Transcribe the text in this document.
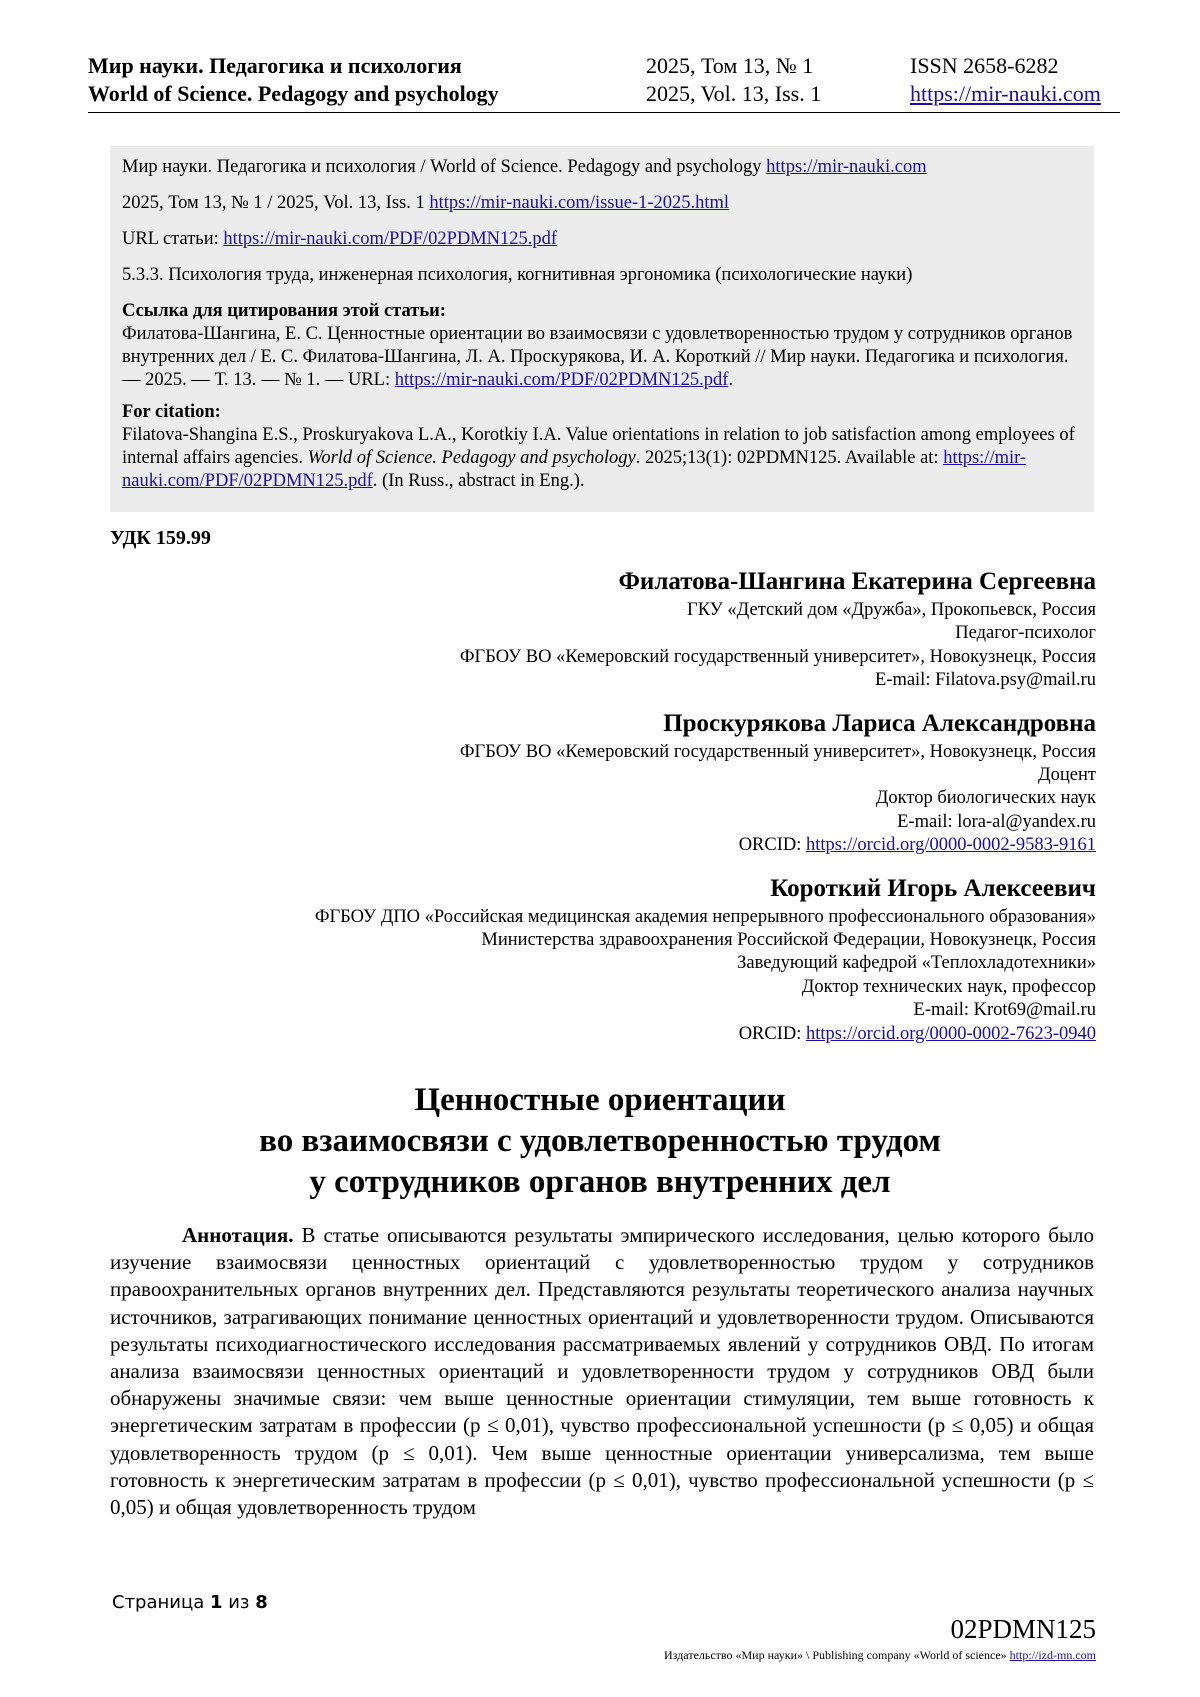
Мир науки. Педагогика и психология
World of Science. Pedagogy and psychology
2025, Том 13, № 1
2025, Vol. 13, Iss. 1
ISSN 2658-6282
https://mir-nauki.com

Мир науки. Педагогика и психология / World of Science. Pedagogy and psychology https://mir-nauki.com

2025, Том 13, № 1 / 2025, Vol. 13, Iss. 1 https://mir-nauki.com/issue-1-2025.html

URL статьи: https://mir-nauki.com/PDF/02PDMN125.pdf

5.3.3. Психология труда, инженерная психология, когнитивная эргономика (психологические науки)

Ссылка для цитирования этой статьи:
Филатова-Шангина, Е. С. Ценностные ориентации во взаимосвязи с удовлетворенностью трудом у сотрудников органов внутренних дел / Е. С. Филатова-Шангина, Л. А. Проскурякова, И. А. Короткий // Мир науки. Педагогика и психология. — 2025. — Т. 13. — № 1. — URL: https://mir-nauki.com/PDF/02PDMN125.pdf.
For citation:
Filatova-Shangina E.S., Proskuryakova L.A., Korotkiy I.A. Value orientations in relation to job satisfaction among employees of internal affairs agencies. World of Science. Pedagogy and psychology. 2025;13(1): 02PDMN125. Available at: https://mir-nauki.com/PDF/02PDMN125.pdf. (In Russ., abstract in Eng.).
УДК 159.99
Филатова-Шангина Екатерина Сергеевна
ГКУ «Детский дом «Дружба», Прокопьевск, Россия
Педагог-психолог
ФГБОУ ВО «Кемеровский государственный университет», Новокузнецк, Россия
E-mail: Filatova.psy@mail.ru
Проскурякова Лариса Александровна
ФГБОУ ВО «Кемеровский государственный университет», Новокузнецк, Россия
Доцент
Доктор биологических наук
E-mail: lora-al@yandex.ru
ORCID: https://orcid.org/0000-0002-9583-9161
Короткий Игорь Алексеевич
ФГБОУ ДПО «Российская медицинская академия непрерывного профессионального образования»
Министерства здравоохранения Российской Федерации, Новокузнецк, Россия
Заведующий кафедрой «Теплохладотехники»
Доктор технических наук, профессор
E-mail: Krot69@mail.ru
ORCID: https://orcid.org/0000-0002-7623-0940
Ценностные ориентации
во взаимосвязи с удовлетворенностью трудом
у сотрудников органов внутренних дел
Аннотация. В статье описываются результаты эмпирического исследования, целью которого было изучение взаимосвязи ценностных ориентаций с удовлетворенностью трудом у сотрудников правоохранительных органов внутренних дел. Представляются результаты теоретического анализа научных источников, затрагивающих понимание ценностных ориентаций и удовлетворенности трудом. Описываются результаты психодиагностического исследования рассматриваемых явлений у сотрудников ОВД. По итогам анализа взаимосвязи ценностных ориентаций и удовлетворенности трудом у сотрудников ОВД были обнаружены значимые связи: чем выше ценностные ориентации стимуляции, тем выше готовность к энергетическим затратам в профессии (p ≤ 0,01), чувство профессиональной успешности (p ≤ 0,05) и общая удовлетворенность трудом (p ≤ 0,01). Чем выше ценностные ориентации универсализма, тем выше готовность к энергетическим затратам в профессии (p ≤ 0,01), чувство профессиональной успешности (p ≤ 0,05) и общая удовлетворенность трудом
Страница 1 из 8
02PDMN125
Издательство «Мир науки» \ Publishing company «World of science» http://izd-mn.com
